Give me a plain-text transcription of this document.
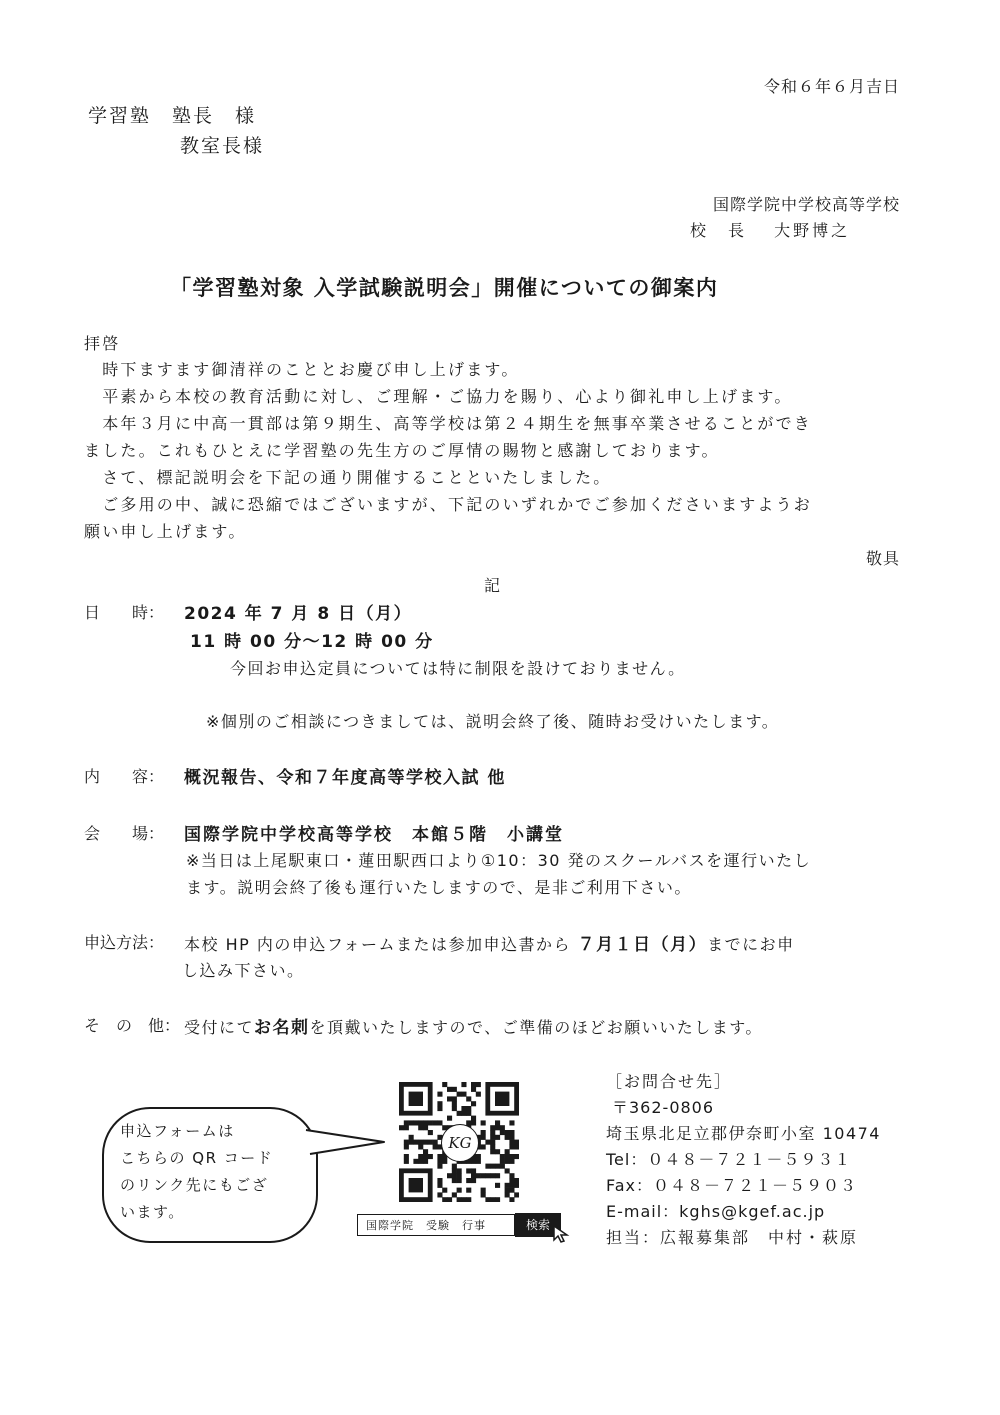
令和６年６月吉日
学習塾　塾長　様
教室長様
国際学院中学校高等学校
校　長　 大野博之
「学習塾対象 入学試験説明会」開催についての御案内
拝啓
　時下ますます御清祥のこととお慶び申し上げます。
　平素から本校の教育活動に対し、ご理解・ご協力を賜り、心より御礼申し上げます。
　本年３月に中高一貫部は第９期生、高等学校は第２４期生を無事卒業させることができ
ました。これもひとえに学習塾の先生方のご厚情の賜物と感謝しております。
　さて、標記説明会を下記の通り開催することといたしました。
　ご多用の中、誠に恐縮ではございますが、下記のいずれかでご参加くださいますようお
願い申し上げます。
敬具
記
日　　時： 2024 年 7 月 8 日（月）
11 時 00 分～12 時 00 分
今回お申込定員については特に制限を設けておりません。
※個別のご相談につきましては、説明会終了後、随時お受けいたします。
内　　容： 概況報告、令和７年度高等学校入試 他
会　　場： 国際学院中学校高等学校　本館５階　小講堂
※当日は上尾駅東口・蓮田駅西口より①10：30 発のスクールバスを運行いたし
ます。説明会終了後も運行いたしますので、是非ご利用下さい。
申込方法： 本校 HP 内の申込フォームまたは参加申込書から ７月１日（月）までにお申
し込み下さい。
そ　の　他： 受付にてお名刺を頂戴いたしますので、ご準備のほどお願いいたします。
申込フォームは
こちらの QR コード
のリンク先にもござ
います。
KG
国際学院　受験　行事	検索
［お問合せ先］
〒362-0806
埼玉県北足立郡伊奈町小室 10474
Tel：０４８－７２１－５９３１
Fax：０４８－７２１－５９０３
E-mail：kghs@kgef.ac.jp
担当：広報募集部　中村・萩原
